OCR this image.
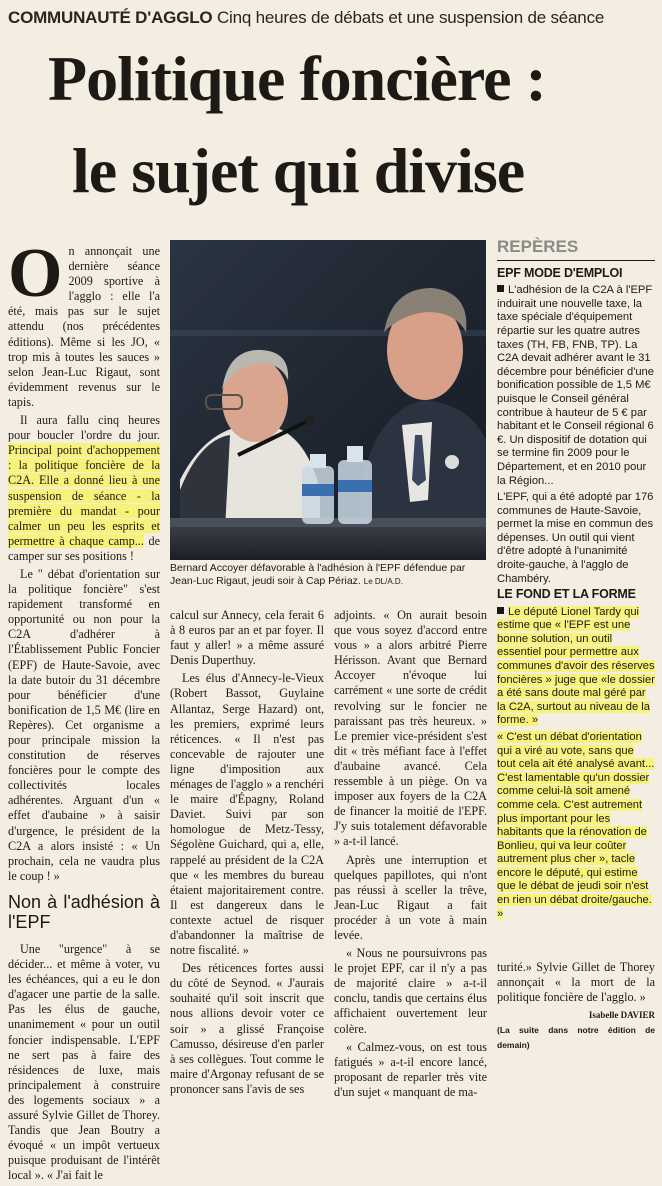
COMMUNAUTÉ D'AGGLO Cinq heures de débats et une suspension de séance
Politique foncière :
le sujet qui divise

On annonçait une dernière séance 2009 sportive à l'agglo : elle l'a été, mais pas sur le sujet attendu (nos précédentes éditions). Même si les JO, « trop mis à toutes les sauces » selon Jean-Luc Rigaut, sont évidemment revenus sur le tapis.

Il aura fallu cinq heures pour boucler l'ordre du jour. Principal point d'achoppement : la politique foncière de la C2A. Elle a donné lieu à une suspension de séance - la première du mandat - pour calmer un peu les esprits et permettre à chaque camp... de camper sur ses positions !

Le " débat d'orientation sur la politique foncière" s'est rapidement transformé en opportunité ou non pour la C2A d'adhérer à l'Établissement Public Foncier (EPF) de Haute-Savoie, avec la date butoir du 31 décembre pour bénéficier d'une bonification de 1,5 M€ (lire en Repères). Cet organisme a pour principale mission la constitution de réserves foncières pour le compte des collectivités locales adhérentes. Arguant d'un « effet d'aubaine » à saisir d'urgence, le président de la C2A a alors insisté : « Un prochain, cela ne vaudra plus le coup ! »

Non à l'adhésion à l'EPF

Une "urgence" à se décider... et même à voter, vu les échéances, qui a eu le don d'agacer une partie de la salle. Pas les élus de gauche, unanimement « pour un outil foncier indispensable. L'EPF ne sert pas à faire des résidences de luxe, mais principalement à construire des logements sociaux » a assuré Sylvie Gillet de Thorey. Tandis que Jean Boutry a évoqué « un impôt vertueux puisque produisant de l'intérêt local ». « J'ai fait le

Bernard Accoyer défavorable à l'adhésion à l'EPF défendue par Jean-Luc Rigaut, jeudi soir à Cap Périaz. Le DL/A.D.

calcul sur Annecy, cela ferait 6 à 8 euros par an et par foyer. Il faut y aller! » a même assuré Denis Duperthuy.

Les élus d'Annecy-le-Vieux (Robert Bassot, Guylaine Allantaz, Serge Hazard) ont, les premiers, exprimé leurs réticences. « Il n'est pas concevable de rajouter une ligne d'imposition aux ménages de l'agglo » a renchéri le maire d'Épagny, Roland Daviet. Suivi par son homologue de Metz-Tessy, Ségolène Guichard, qui a, elle, rappelé au président de la C2A que « les membres du bureau étaient majoritairement contre. Il est dangereux dans le contexte actuel de risquer d'abandonner la maîtrise de notre fiscalité. »

Des réticences fortes aussi du côté de Seynod. « J'aurais souhaité qu'il soit inscrit que nous allions devoir voter ce soir » a glissé Françoise Camusso, désireuse d'en parler à ses collègues. Tout comme le maire d'Argonay refusant de se prononcer sans l'avis de ses

adjoints. « On aurait besoin que vous soyez d'accord entre vous » a alors arbitré Pierre Hérisson. Avant que Bernard Accoyer n'évoque lui carrément « une sorte de crédit revolving sur le foncier ne paraissant pas très heureux. » Le premier vice-président s'est dit « très méfiant face à l'effet d'aubaine avancé. Cela ressemble à un piège. On va imposer aux foyers de la C2A de financer la moitié de l'EPF. J'y suis totalement défavorable » a-t-il lancé.

Après une interruption et quelques papillotes, qui n'ont pas réussi à sceller la trêve, Jean-Luc Rigaut a fait procéder à un vote à main levée.

« Nous ne poursuivrons pas le projet EPF, car il n'y a pas de majorité claire » a-t-il conclu, tandis que certains élus affichaient ouvertement leur colère.

« Calmez-vous, on est tous fatigués » a-t-il encore lancé, proposant de reparler très vite d'un sujet « manquant de ma-

REPÈRES
EPF MODE D'EMPLOI

L'adhésion de la C2A à l'EPF induirait une nouvelle taxe, la taxe spéciale d'équipement répartie sur les quatre autres taxes (TH, FB, FNB, TP). La C2A devait adhérer avant le 31 décembre pour bénéficier d'une bonification possible de 1,5 M€ puisque le Conseil général contribue à hauteur de 5 € par habitant et le Conseil régional 6 €. Un dispositif de dotation qui se termine fin 2009 pour le Département, et en 2010 pour la Région...

L'EPF, qui a été adopté par 176 communes de Haute-Savoie, permet la mise en commun des dépenses. Un outil qui vient d'être adopté à l'unanimité droite-gauche, à l'agglo de Chambéry.

LE FOND ET LA FORME

Le député Lionel Tardy qui estime que « l'EPF est une bonne solution, un outil essentiel pour permettre aux communes d'avoir des réserves foncières » juge que «le dossier a été sans doute mal géré par la C2A, surtout au niveau de la forme. »

« C'est un débat d'orientation qui a viré au vote, sans que tout cela ait été analysé avant... C'est lamentable qu'un dossier comme celui-là soit amené comme cela. C'est autrement plus important pour les habitants que la rénovation de Bonlieu, qui va leur coûter autrement plus cher », tacle encore le député, qui estime que le débat de jeudi soir n'est en rien un débat droite/gauche. »

turité.» Sylvie Gillet de Thorey annonçait « la mort de la politique foncière de l'agglo. »

Isabelle DAVIER
(La suite dans notre édition de demain)
